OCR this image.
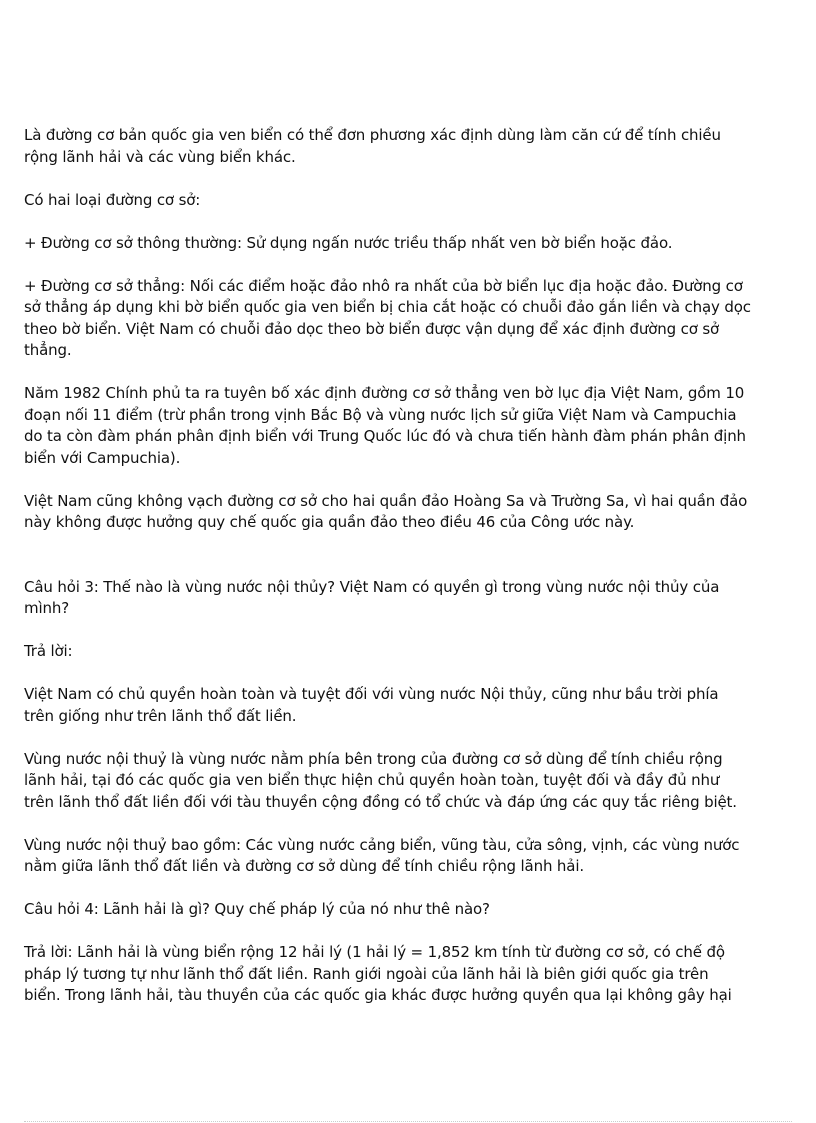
Là đường cơ bản quốc gia ven biển có thể đơn phương xác định dùng làm căn cứ để tính chiều
rộng lãnh hải và các vùng biển khác.

Có hai loại đường cơ sở:

+ Đường cơ sở thông thường: Sử dụng ngấn nước triều thấp nhất ven bờ biển hoặc đảo.

+ Đường cơ sở thẳng: Nối các điểm hoặc đảo nhô ra nhất của bờ biển lục địa hoặc đảo. Đường cơ
sở thẳng áp dụng khi bờ biển quốc gia ven biển bị chia cắt hoặc có chuỗi đảo gắn liền và chạy dọc
theo bờ biển. Việt Nam có chuỗi đảo dọc theo bờ biển được vận dụng để xác định đường cơ sở
thẳng.

Năm 1982 Chính phủ ta ra tuyên bố xác định đường cơ sở thẳng ven bờ lục địa Việt Nam, gồm 10
đoạn nối 11 điểm (trừ phần trong vịnh Bắc Bộ và vùng nước lịch sử giữa Việt Nam và Campuchia
do ta còn đàm phán phân định biển với Trung Quốc lúc đó và chưa tiến hành đàm phán phân định
biển với Campuchia).

Việt Nam cũng không vạch đường cơ sở cho hai quần đảo Hoàng Sa và Trường Sa, vì hai quần đảo
này không được hưởng quy chế quốc gia quần đảo theo điều 46 của Công ước này.

Câu hỏi 3: Thế nào là vùng nước nội thủy? Việt Nam có quyền gì trong vùng nước nội thủy của
mình?

Trả lời:

Việt Nam có chủ quyền hoàn toàn và tuyệt đối với vùng nước Nội thủy, cũng như bầu trời phía
trên giống như trên lãnh thổ đất liền.

Vùng nước nội thuỷ là vùng nước nằm phía bên trong của đường cơ sở dùng để tính chiều rộng
lãnh hải, tại đó các quốc gia ven biển thực hiện chủ quyền hoàn toàn, tuyệt đối và đầy đủ như
trên lãnh thổ đất liền đối với tàu thuyền cộng đồng có tổ chức và đáp ứng các quy tắc riêng biệt.

Vùng nước nội thuỷ bao gồm: Các vùng nước cảng biển, vũng tàu, cửa sông, vịnh, các vùng nước
nằm giữa lãnh thổ đất liền và đường cơ sở dùng để tính chiều rộng lãnh hải.

Câu hỏi 4: Lãnh hải là gì? Quy chế pháp lý của nó như thê nào?

Trả lời: Lãnh hải là vùng biển rộng 12 hải lý (1 hải lý = 1,852 km tính từ đường cơ sở, có chế độ
pháp lý tương tự như lãnh thổ đất liền. Ranh giới ngoài của lãnh hải là biên giới quốc gia trên
biển. Trong lãnh hải, tàu thuyền của các quốc gia khác được hưởng quyền qua lại không gây hại
